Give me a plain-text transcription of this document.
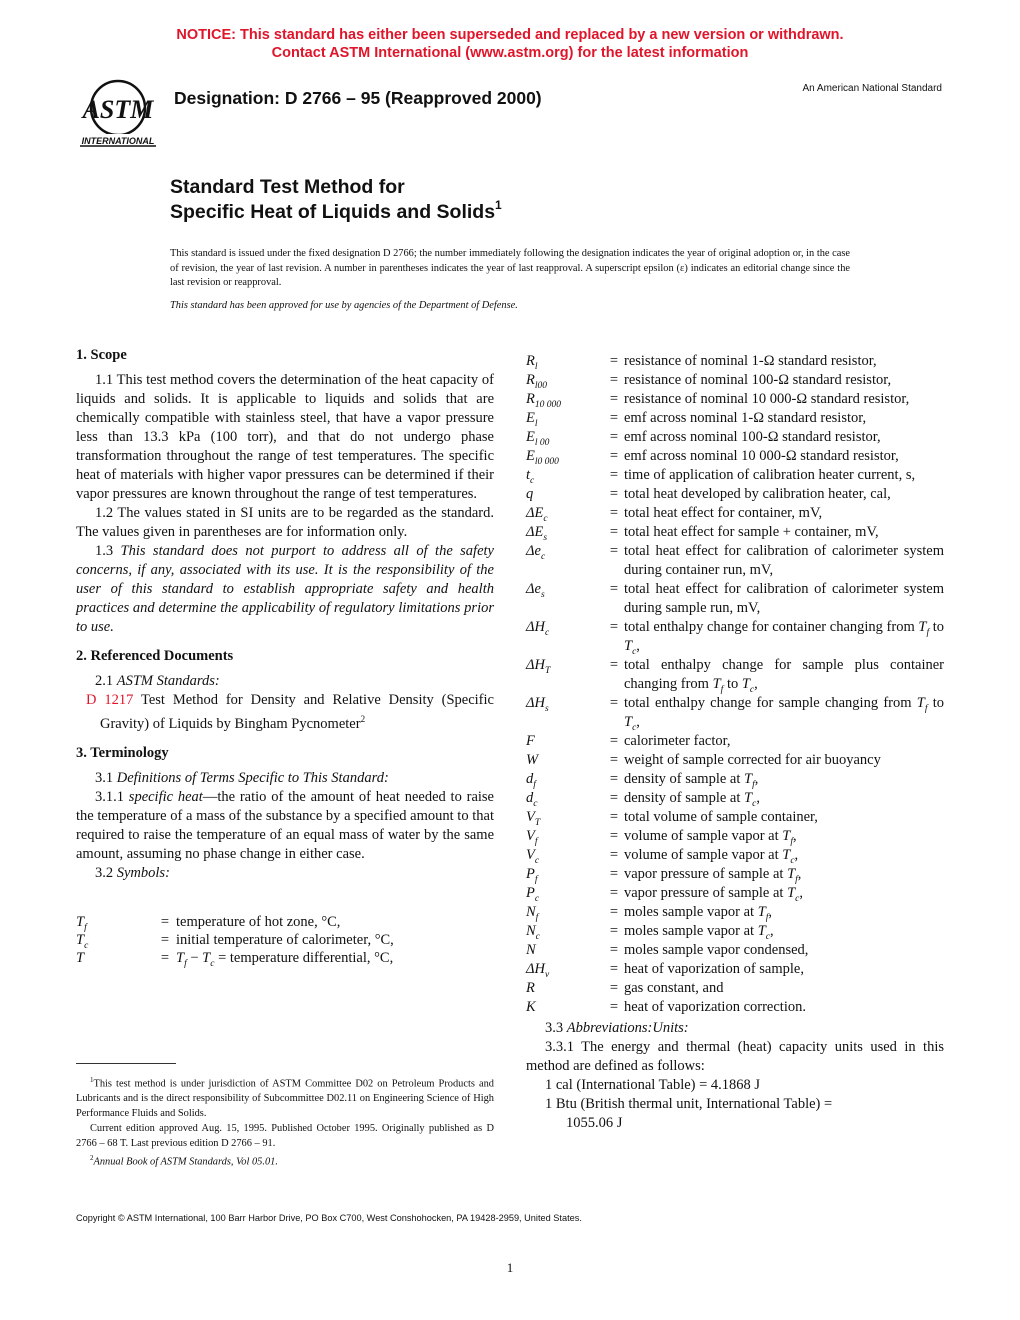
NOTICE: This standard has either been superseded and replaced by a new version or withdrawn.
Contact ASTM International (www.astm.org) for the latest information
ASTM
INTERNATIONAL
Designation: D 2766 – 95 (Reapproved 2000)	An American National Standard
Standard Test Method for
Specific Heat of Liquids and Solids$^1$
This standard is issued under the fixed designation D 2766; the number immediately following the designation indicates the year of original adoption or, in the case of revision, the year of last revision. A number in parentheses indicates the year of last reapproval. A superscript epsilon (ε) indicates an editorial change since the last revision or reapproval.
This standard has been approved for use by agencies of the Department of Defense.
1. Scope

1.1 This test method covers the determination of the heat capacity of liquids and solids. It is applicable to liquids and solids that are chemically compatible with stainless steel, that have a vapor pressure less than 13.3 kPa (100 torr), and that do not undergo phase transformation throughout the range of test temperatures. The specific heat of materials with higher vapor pressures can be determined if their vapor pressures are known throughout the range of test temperatures.

1.2 The values stated in SI units are to be regarded as the standard. The values given in parentheses are for information only.

1.3 This standard does not purport to address all of the safety concerns, if any, associated with its use. It is the responsibility of the user of this standard to establish appropriate safety and health practices and determine the applicability of regulatory limitations prior to use.

2. Referenced Documents

2.1 ASTM Standards:

D 1217 Test Method for Density and Relative Density (Specific Gravity) of Liquids by Bingham Pycnometer$^2$

3. Terminology

3.1 Definitions of Terms Specific to This Standard:

3.1.1 specific heat—the ratio of the amount of heat needed to raise the temperature of a mass of the substance by a specified amount to that required to raise the temperature of an equal mass of water by the same amount, assuming no phase change in either case.

3.2 Symbols:

$T_f$	= temperature of hot zone, °C,
$T_c$	= initial temperature of calorimeter, °C,
T	= $T_f - T_c$ = temperature differential, °C,
$R_l$	= resistance of nominal 1-Ω standard resistor,
$R_{l00}$	= resistance of nominal 100-Ω standard resistor,
$R_{10 000}$	= resistance of nominal 10 000-Ω standard resistor,
$E_l$	= emf across nominal 1-Ω standard resistor,
$E_{l 00}$	= emf across nominal 100-Ω standard resistor,
$E_{l0 000}$	= emf across nominal 10 000-Ω standard resistor,
$t_c$	= time of application of calibration heater current, s,
q	= total heat developed by calibration heater, cal,
$\Delta E_c$	= total heat effect for container, mV,
$\Delta E_s$	= total heat effect for sample + container, mV,
$\Delta e_c$	= total heat effect for calibration of calorimeter system during container run, mV,
$\Delta e_s$	= total heat effect for calibration of calorimeter system during sample run, mV,
$\Delta H_c$	= total enthalpy change for container changing from $T_f$ to $T_c$,
$\Delta H_T$	= total enthalpy change for sample plus container changing from $T_f$ to $T_c$,
$\Delta H_s$	= total enthalpy change for sample changing from $T_f$ to $T_c$,
F	= calorimeter factor,
W	= weight of sample corrected for air buoyancy
$d_f$	= density of sample at $T_f$,
$d_c$	= density of sample at $T_c$,
$V_T$	= total volume of sample container,
$V_f$	= volume of sample vapor at $T_f$,
$V_c$	= volume of sample vapor at $T_c$,
$P_f$	= vapor pressure of sample at $T_f$,
$P_c$	= vapor pressure of sample at $T_c$,
$N_f$	= moles sample vapor at $T_f$,
$N_c$	= moles sample vapor at $T_c$,
N	= moles sample vapor condensed,
$\Delta H_v$	= heat of vaporization of sample,
R	= gas constant, and
K	= heat of vaporization correction.

3.3 Abbreviations:Units:

3.3.1 The energy and thermal (heat) capacity units used in this method are defined as follows:

1 cal (International Table) = 4.1868 J

1 Btu (British thermal unit, International Table) =

1055.06 J

$^1$This test method is under jurisdiction of ASTM Committee D02 on Petroleum Products and Lubricants and is the direct responsibility of Subcommittee D02.11 on Engineering Science of High Performance Fluids and Solids.
Current edition approved Aug. 15, 1995. Published October 1995. Originally published as D 2766 – 68 T. Last previous edition D 2766 – 91.
$^2$Annual Book of ASTM Standards, Vol 05.01.
Copyright © ASTM International, 100 Barr Harbor Drive, PO Box C700, West Conshohocken, PA 19428-2959, United States.
1
